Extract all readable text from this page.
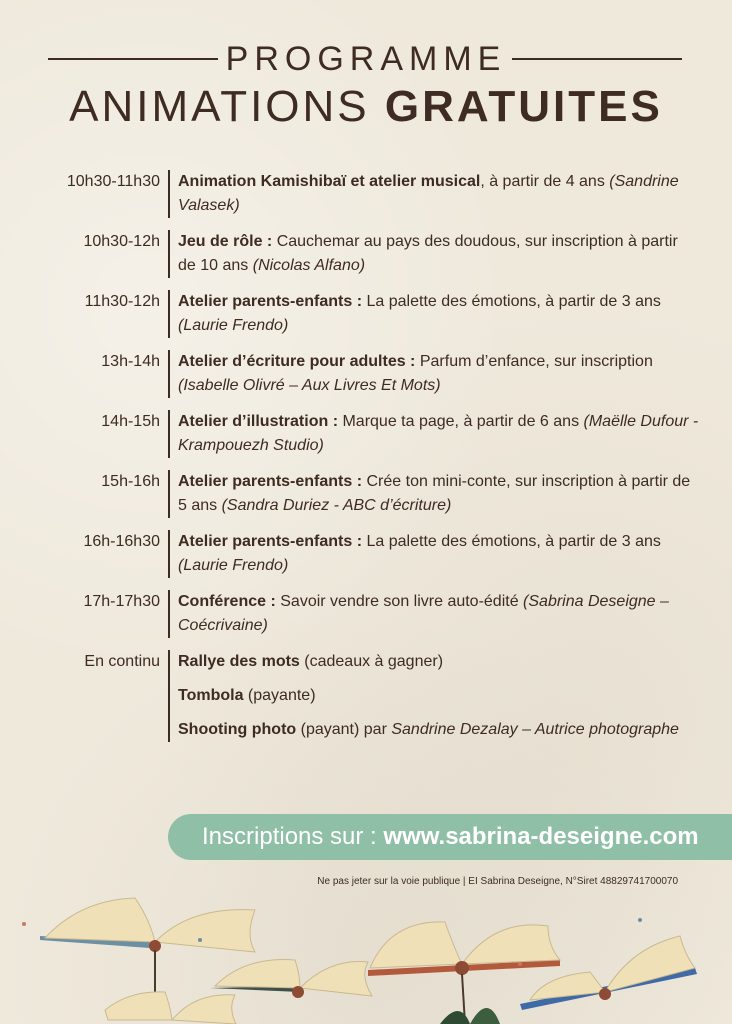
PROGRAMME
ANIMATIONS GRATUITES
10h30-11h30	Animation Kamishibaï et atelier musical, à partir de 4 ans (Sandrine Valasek)
10h30-12h	Jeu de rôle : Cauchemar au pays des doudous, sur inscription à partir de 10 ans (Nicolas Alfano)
11h30-12h	Atelier parents-enfants : La palette des émotions, à partir de 3 ans (Laurie Frendo)
13h-14h	Atelier d’écriture pour adultes : Parfum d’enfance, sur inscription (Isabelle Olivré – Aux Livres Et Mots)
14h-15h	Atelier d’illustration : Marque ta page, à partir de 6 ans (Maëlle Dufour - Krampouezh Studio)
15h-16h	Atelier parents-enfants : Crée ton mini-conte, sur inscription à partir de 5 ans (Sandra Duriez - ABC d’écriture)
16h-16h30	Atelier parents-enfants : La palette des émotions, à partir de 3 ans (Laurie Frendo)
17h-17h30	Conférence : Savoir vendre son livre auto-édité (Sabrina Deseigne – Coécrivaine)
En continu	Rallye des mots (cadeaux à gagner)
Tombola (payante)
Shooting photo (payant) par Sandrine Dezalay – Autrice photographe
Inscriptions sur : www.sabrina-deseigne.com
Ne pas jeter sur la voie publique | EI Sabrina Deseigne, N°Siret 48829741700070
